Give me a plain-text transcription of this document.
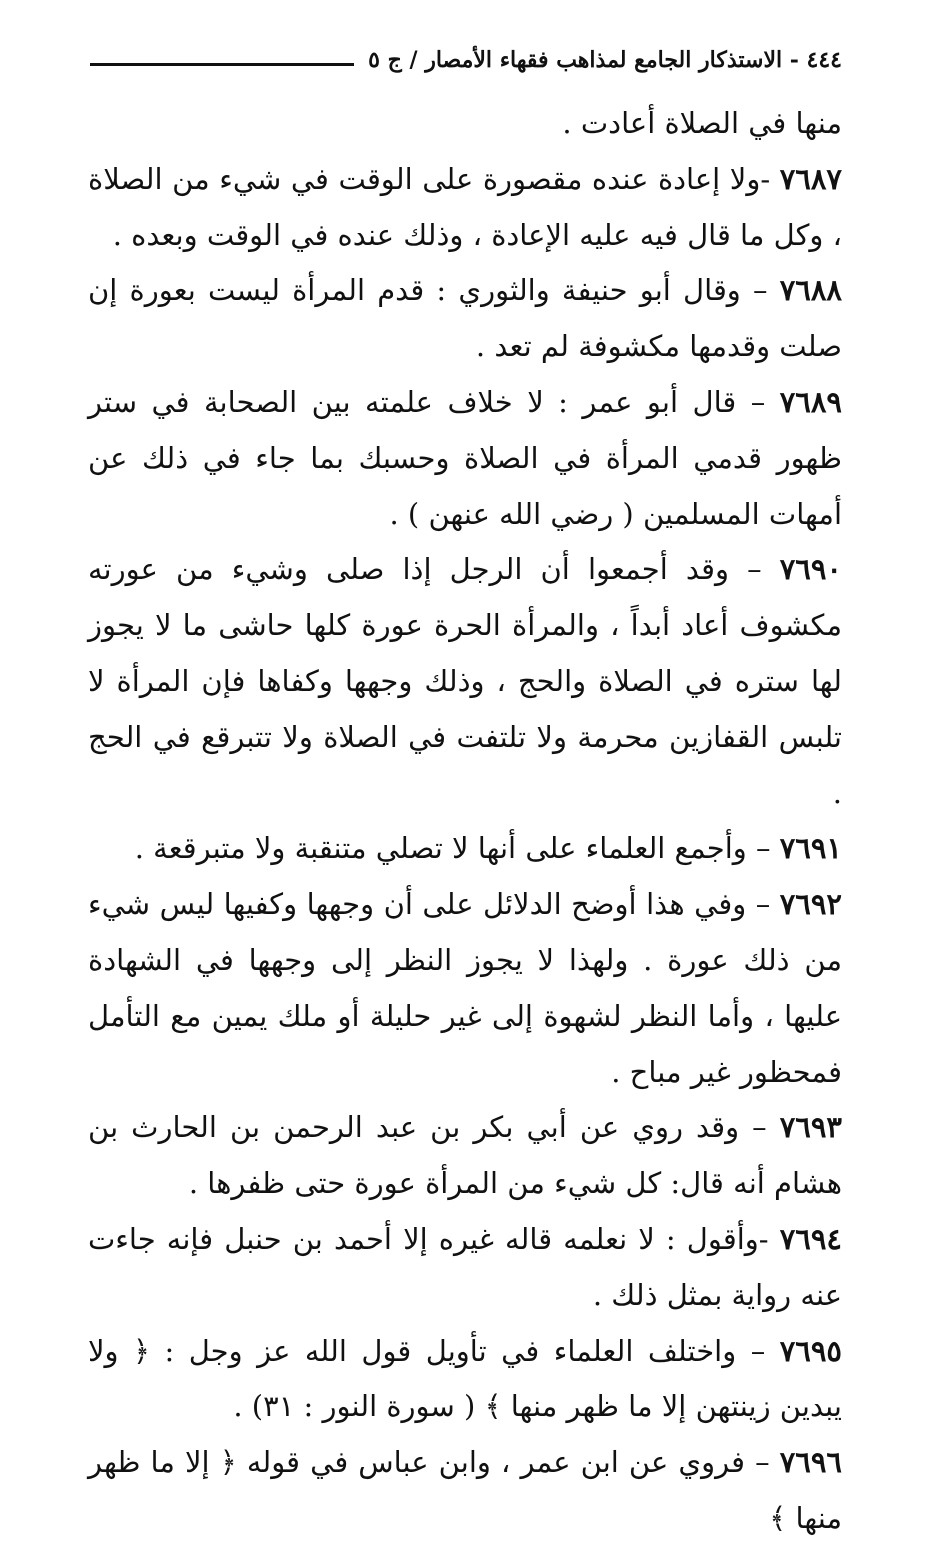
٤٤٤ - الاستذكار الجامع لمذاهب فقهاء الأمصار / ج ٥

منها في الصلاة أعادت .

٧٦٨٧ -ولا إعادة عنده مقصورة على الوقت في شيء من الصلاة ، وكل ما قال فيه عليه الإعادة ، وذلك عنده في الوقت وبعده .

٧٦٨٨ – وقال أبو حنيفة والثوري : قدم المرأة ليست بعورة إن صلت وقدمها مكشوفة لم تعد .

٧٦٨٩ – قال أبو عمر : لا خلاف علمته بين الصحابة في ستر ظهور قدمي المرأة في الصلاة وحسبك بما جاء في ذلك عن أمهات المسلمين ( رضي الله عنهن ) .

٧٦٩٠ – وقد أجمعوا أن الرجل إذا صلى وشيء من عورته مكشوف أعاد أبداً ، والمرأة الحرة عورة كلها حاشى ما لا يجوز لها ستره في الصلاة والحج ، وذلك وجهها وكفاها فإن المرأة لا تلبس القفازين محرمة ولا تلتفت في الصلاة ولا تتبرقع في الحج .

٧٦٩١ – وأجمع العلماء على أنها لا تصلي متنقبة ولا متبرقعة .

٧٦٩٢ – وفي هذا أوضح الدلائل على أن وجهها وكفيها ليس شيء من ذلك عورة . ولهذا لا يجوز النظر إلى وجهها في الشهادة عليها ، وأما النظر لشهوة إلى غير حليلة أو ملك يمين مع التأمل فمحظور غير مباح .

٧٦٩٣ – وقد روي عن أبي بكر بن عبد الرحمن بن الحارث بن هشام أنه قال: كل شيء من المرأة عورة حتى ظفرها .

٧٦٩٤ -وأقول : لا نعلمه قاله غيره إلا أحمد بن حنبل فإنه جاءت عنه رواية بمثل ذلك .

٧٦٩٥ – واختلف العلماء في تأويل قول الله عز وجل : ﴿ ولا يبدين زينتهن إلا ما ظهر منها ﴾ ( سورة النور : ٣١) .

٧٦٩٦ – فروي عن ابن عمر ، وابن عباس في قوله ﴿ إلا ما ظهر منها ﴾
